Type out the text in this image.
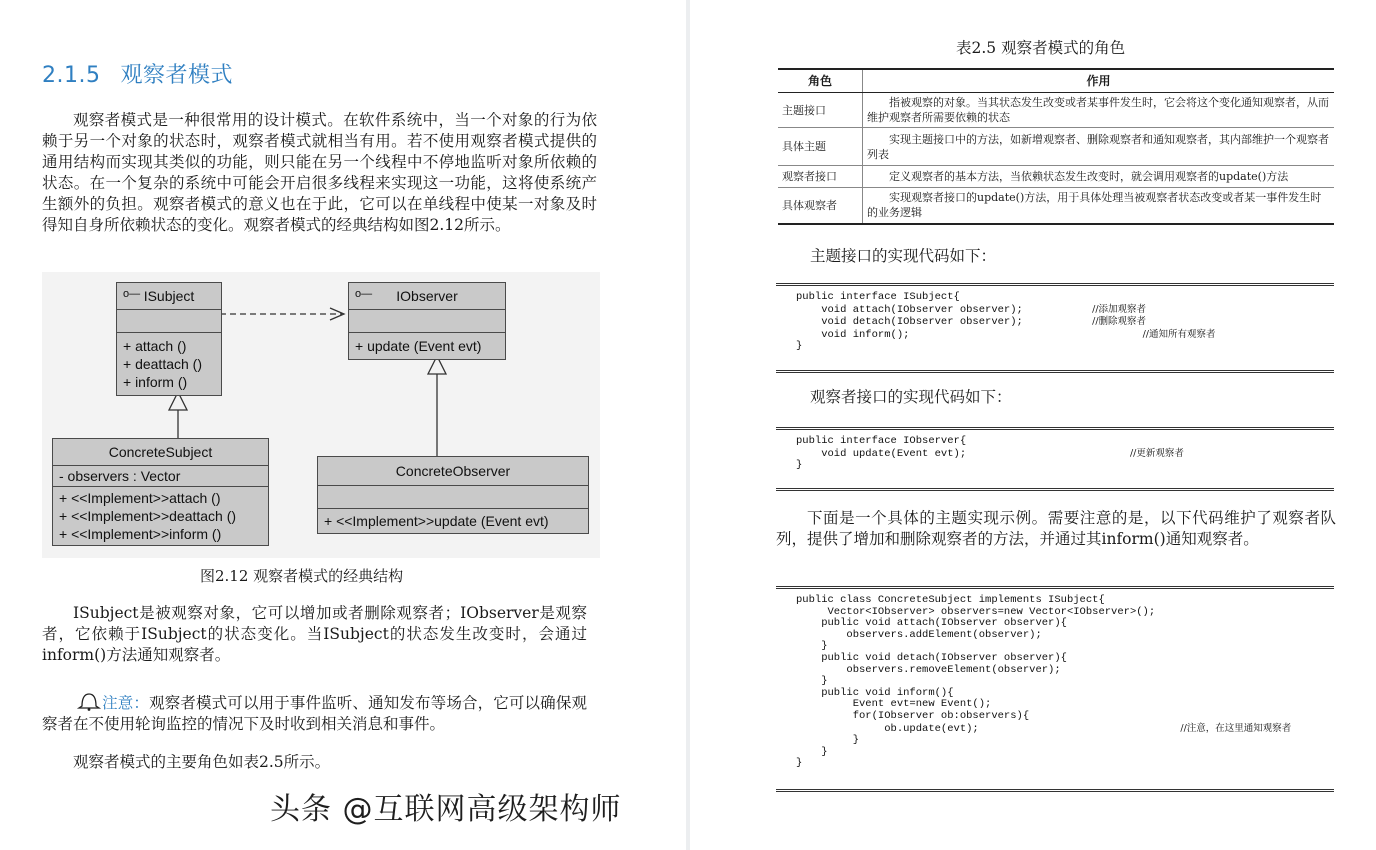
2.1.5 观察者模式
观察者模式是一种很常用的设计模式。在软件系统中，当一个对象的行为依赖于另一个对象的状态时，观察者模式就相当有用。若不使用观察者模式提供的通用结构而实现其类似的功能，则只能在另一个线程中不停地监听对象所依赖的状态。在一个复杂的系统中可能会开启很多线程来实现这一功能，这将使系统产生额外的负担。观察者模式的意义也在于此，它可以在单线程中使某一对象及时得知自身所依赖状态的变化。观察者模式的经典结构如图2.12所示。
o— ISubject
+ attach ()
+ deattach ()
+ inform ()
o— IObserver
+ update (Event evt)
ConcreteSubject
- observers : Vector
+ <<Implement>>attach ()
+ <<Implement>>deattach ()
+ <<Implement>>inform ()
ConcreteObserver
+ <<Implement>>update (Event evt)
图2.12 观察者模式的经典结构
ISubject是被观察对象，它可以增加或者删除观察者；IObserver是观察者，它依赖于ISubject的状态变化。当ISubject的状态发生改变时，会通过inform()方法通知观察者。
注意：观察者模式可以用于事件监听、通知发布等场合，它可以确保观察者在不使用轮询监控的情况下及时收到相关消息和事件。
观察者模式的主要角色如表2.5所示。
表2.5 观察者模式的角色
角色	作用
主题接口	指被观察的对象。当其状态发生改变或者某事件发生时，它会将这个变化通知观察者，从而维护观察者所需要依赖的状态
具体主题	实现主题接口中的方法，如新增观察者、删除观察者和通知观察者，其内部维护一个观察者列表
观察者接口	定义观察者的基本方法，当依赖状态发生改变时，就会调用观察者的update()方法
具体观察者	实现观察者接口的update()方法，用于具体处理当被观察者状态改变或者某一事件发生时的业务逻辑
主题接口的实现代码如下：
public interface ISubject{
void attach(IObserver observer);           //添加观察者
void detach(IObserver observer);           //删除观察者
void inform();                                     //通知所有观察者
}
观察者接口的实现代码如下：
public interface IObserver{
void update(Event evt);                          //更新观察者
}
下面是一个具体的主题实现示例。需要注意的是，以下代码维护了观察者队列，提供了增加和删除观察者的方法，并通过其inform()通知观察者。
public class ConcreteSubject implements ISubject{
Vector<IObserver> observers=new Vector<IObserver>();
public void attach(IObserver observer){
observers.addElement(observer);
}
public void detach(IObserver observer){
observers.removeElement(observer);
}
public void inform(){
Event evt=new Event();
for(IObserver ob:observers){
ob.update(evt);                                //注意，在这里通知观察者
}
}
}
头条 @互联网高级架构师
